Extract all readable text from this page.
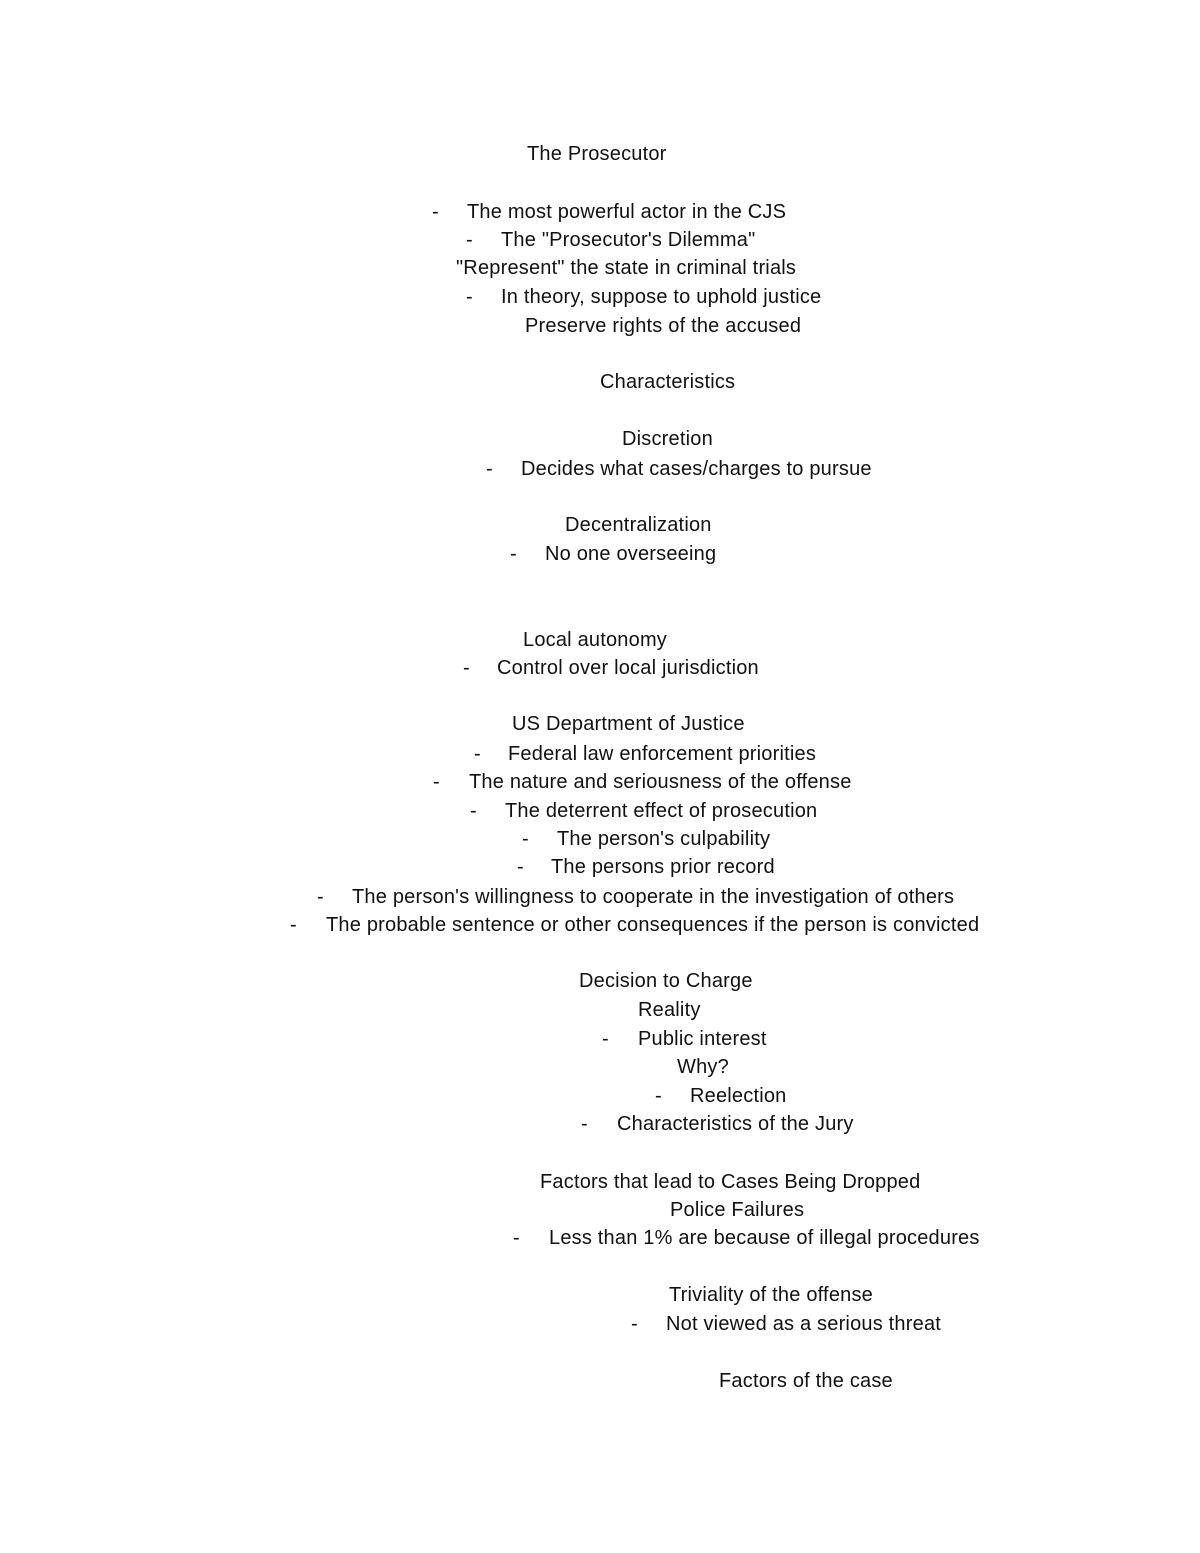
The Prosecutor
- The most powerful actor in the CJS
- The "Prosecutor's Dilemma"
"Represent" the state in criminal trials
- In theory, suppose to uphold justice
Preserve rights of the accused
Characteristics
Discretion
- Decides what cases/charges to pursue
Decentralization
- No one overseeing
Local autonomy
- Control over local jurisdiction
US Department of Justice
- Federal law enforcement priorities
- The nature and seriousness of the offense
- The deterrent effect of prosecution
- The person's culpability
- The persons prior record
- The person's willingness to cooperate in the investigation of others
- The probable sentence or other consequences if the person is convicted
Decision to Charge
Reality
- Public interest
Why?
- Reelection
- Characteristics of the Jury
Factors that lead to Cases Being Dropped
Police Failures
- Less than 1% are because of illegal procedures
Triviality of the offense
- Not viewed as a serious threat
Factors of the case
